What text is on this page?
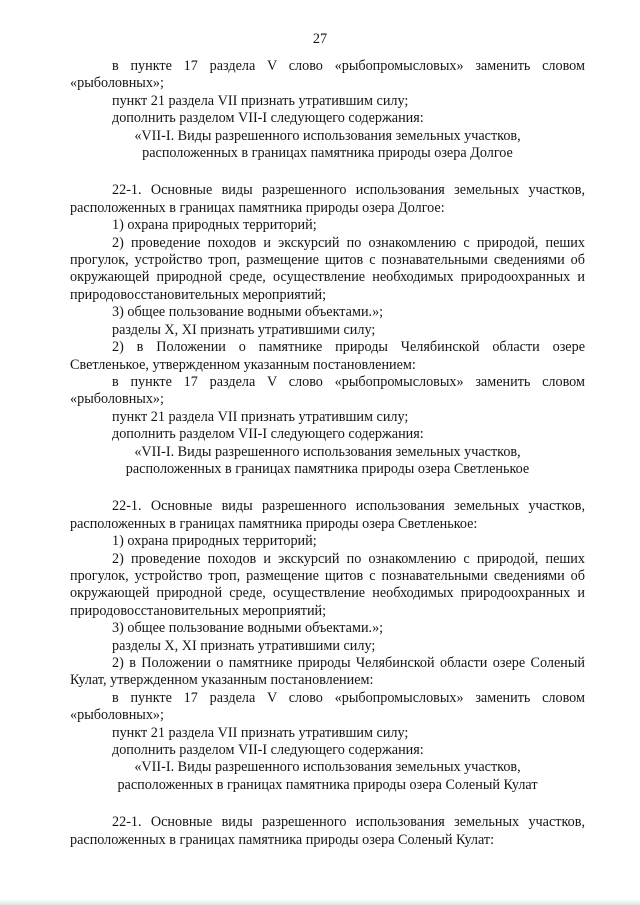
27

в пункте 17 раздела V слово «рыбопромысловых» заменить словом «рыболовных»;

пункт 21 раздела VII признать утратившим силу;

дополнить разделом VII-I следующего содержания:

«VII-I. Виды разрешенного использования земельных участков,

расположенных в границах памятника природы озера Долгое

22-1. Основные виды разрешенного использования земельных участков, расположенных в границах памятника природы озера Долгое:

1) охрана природных территорий;

2) проведение походов и экскурсий по ознакомлению с природой, пеших прогулок, устройство троп, размещение щитов с познавательными сведениями об окружающей природной среде, осуществление необходимых природоохранных и природовосстановительных мероприятий;

3) общее пользование водными объектами.»;

разделы X, XI признать утратившими силу;

2) в Положении о памятнике природы Челябинской области озере Светленькое, утвержденном указанным постановлением:

в пункте 17 раздела V слово «рыбопромысловых» заменить словом «рыболовных»;

пункт 21 раздела VII признать утратившим силу;

дополнить разделом VII-I следующего содержания:

«VII-I. Виды разрешенного использования земельных участков,

расположенных в границах памятника природы озера Светленькое

22-1. Основные виды разрешенного использования земельных участков, расположенных в границах памятника природы озера Светленькое:

1) охрана природных территорий;

2) проведение походов и экскурсий по ознакомлению с природой, пеших прогулок, устройство троп, размещение щитов с познавательными сведениями об окружающей природной среде, осуществление необходимых природоохранных и природовосстановительных мероприятий;

3) общее пользование водными объектами.»;

разделы X, XI признать утратившими силу;

2) в Положении о памятнике природы Челябинской области озере Соленый Кулат, утвержденном указанным постановлением:

в пункте 17 раздела V слово «рыбопромысловых» заменить словом «рыболовных»;

пункт 21 раздела VII признать утратившим силу;

дополнить разделом VII-I следующего содержания:

«VII-I. Виды разрешенного использования земельных участков,

расположенных в границах памятника природы озера Соленый Кулат

22-1. Основные виды разрешенного использования земельных участков, расположенных в границах памятника природы озера Соленый Кулат:
